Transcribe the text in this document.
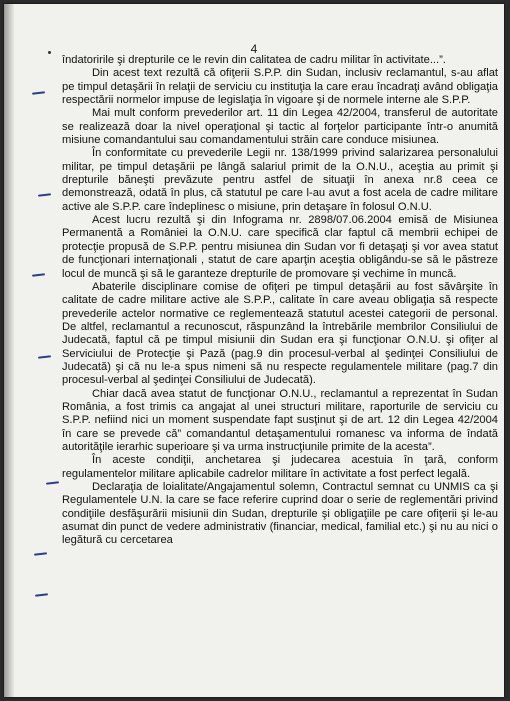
4

îndatoririle şi drepturile ce le revin din calitatea de cadru militar în activitate...”.

Din acest text rezultă că ofiţerii S.P.P. din Sudan, inclusiv reclamantul, s-au aflat pe timpul detaşării în relaţii de serviciu cu instituţia la care erau încadraţi având obligaţia respectării normelor impuse de legislaţia în vigoare şi de normele interne ale S.P.P.

Mai mult conform prevederilor art. 11 din Legea 42/2004, transferul de autoritate se realizează doar la nivel operaţional şi tactic al forţelor participante într-o anumită misiune comandantului sau comandamentului străin care conduce misiunea.

În conformitate cu prevederile Legii nr. 138/1999 privind salarizarea personalului militar, pe timpul detaşării pe lângă salariul primit de la O.N.U., aceştia au primit şi drepturile băneşti prevăzute pentru astfel de situaţii în anexa nr.8 ceea ce demonstrează, odată în plus, că statutul pe care l-au avut a fost acela de cadre militare active ale S.P.P. care îndeplinesc o misiune, prin detaşare în folosul O.N.U.

Acest lucru rezultă şi din Infograma nr. 2898/07.06.2004 emisă de Misiunea Permanentă a României la O.N.U. care specifică clar faptul că membrii echipei de protecţie propusă de S.P.P. pentru misiunea din Sudan vor fi detaşaţi şi vor avea statut de funcţionari internaţionali , statut de care aparţin aceştia obligându-se să le păstreze locul de muncă şi să le garanteze drepturile de promovare şi vechime în muncă.

Abaterile disciplinare comise de ofiţeri pe timpul detaşării au fost săvârşite în calitate de cadre militare active ale S.P.P., calitate în care aveau obligaţia să respecte prevederile actelor normative ce reglementează statutul acestei categorii de personal. De altfel, reclamantul a recunoscut, răspunzând la întrebările membrilor Consiliului de Judecată, faptul că pe timpul misiunii din Sudan era şi funcţionar O.N.U. şi ofiţer al Serviciului de Protecţie şi Pază (pag.9 din procesul-verbal al şedinţei Consiliului de Judecată) şi că nu le-a spus nimeni să nu respecte regulamentele militare (pag.7 din procesul-verbal al şedinţei Consiliului de Judecată).

Chiar dacă avea statut de funcţionar O.N.U., reclamantul a reprezentat în Sudan România, a fost trimis ca angajat al unei structuri militare, raporturile de serviciu cu S.P.P. nefiind nici un moment suspendate fapt susţinut şi de art. 12 din Legea 42/2004 în care se prevede că” comandantul detaşamentului romanesc va informa de îndată autorităţile ierarhic superioare şi va urma instrucţiunile primite de la acesta”.

În aceste condiţii, anchetarea şi judecarea acestuia în ţară, conform regulamentelor militare aplicabile cadrelor militare în activitate a fost perfect legală.

Declaraţia de loialitate/Angajamentul solemn, Contractul semnat cu UNMIS ca şi Regulamentele U.N. la care se face referire cuprind doar o serie de reglementări privind condiţiile desfăşurării misiunii din Sudan, drepturile şi obligaţiile pe care ofiţerii şi le-au asumat din punct de vedere administrativ (financiar, medical, familial etc.) şi nu au nici o legătură cu cercetarea
